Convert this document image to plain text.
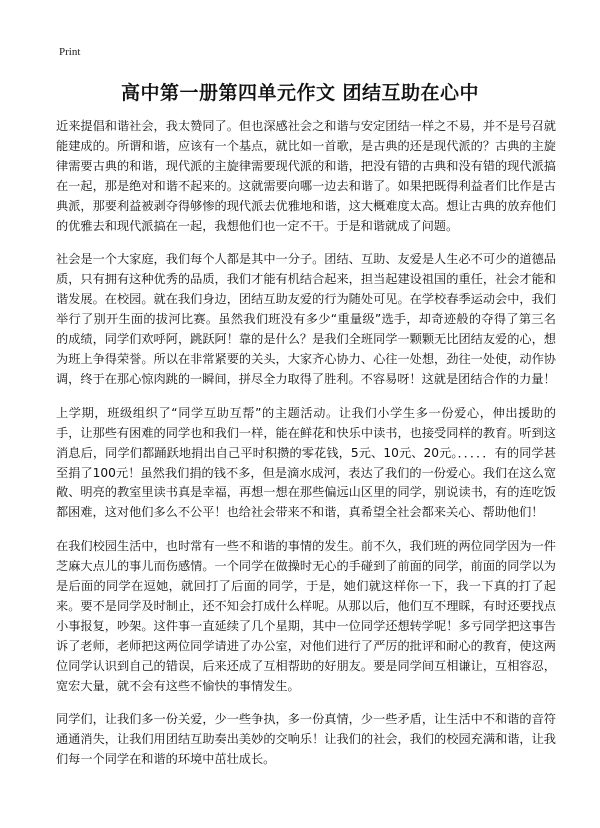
Print
高中第一册第四单元作文 团结互助在心中

近来提倡和谐社会，我太赞同了。但也深感社会之和谐与安定团结一样之不易，并不是号召就能建成的。所谓和谐，应该有一个基点，就比如一首歌，是古典的还是现代派的？古典的主旋律需要古典的和谐，现代派的主旋律需要现代派的和谐，把没有错的古典和没有错的现代派搞在一起，那是绝对和谐不起来的。这就需要向哪一边去和谐了。如果把既得利益者们比作是古典派，那要利益被剥夺得够惨的现代派去优雅地和谐，这大概难度太高。想让古典的放弃他们的优雅去和现代派搞在一起，我想他们也一定不干。于是和谐就成了问题。

社会是一个大家庭，我们每个人都是其中一分子。团结、互助、友爱是人生必不可少的道德品质，只有拥有这种优秀的品质，我们才能有机结合起来，担当起建设祖国的重任，社会才能和谐发展。在校园。就在我们身边，团结互助友爱的行为随处可见。在学校春季运动会中，我们举行了别开生面的拔河比赛。虽然我们班没有多少“重量级”选手，却奇迹般的夺得了第三名的成绩，同学们欢呼阿，跳跃阿！靠的是什么？是我们全班同学一颗颗无比团结友爱的心，想为班上争得荣誉。所以在非常紧要的关头，大家齐心协力、心往一处想，劲往一处使，动作协调，终于在那心惊肉跳的一瞬间，拼尽全力取得了胜利。不容易呀！这就是团结合作的力量！

上学期，班级组织了“同学互助互帮”的主题活动。让我们小学生多一份爱心，伸出援助的手，让那些有困难的同学也和我们一样，能在鲜花和快乐中读书，也接受同样的教育。听到这消息后，同学们都踊跃地捐出自己平时积攒的零花钱，5元、10元、20元。．．．．．有的同学甚至捐了100元！虽然我们捐的钱不多，但是滴水成河，表达了我们的一份爱心。我们在这么宽敞、明亮的教室里读书真是幸福，再想一想在那些偏远山区里的同学，别说读书，有的连吃饭都困难，这对他们多么不公平！也给社会带来不和谐，真希望全社会都来关心、帮助他们！

在我们校园生活中，也时常有一些不和谐的事情的发生。前不久，我们班的两位同学因为一件芝麻大点儿的事儿而伤感情。一个同学在做操时无心的手碰到了前面的同学，前面的同学以为是后面的同学在逗她，就回打了后面的同学，于是，她们就这样你一下，我一下真的打了起来。要不是同学及时制止，还不知会打成什么样呢。从那以后，他们互不理睬，有时还要找点小事报复，吵架。这件事一直延续了几个星期，其中一位同学还想转学呢！多亏同学把这事告诉了老师，老师把这两位同学请进了办公室，对他们进行了严厉的批评和耐心的教育，使这两位同学认识到自己的错误，后来还成了互相帮助的好朋友。要是同学间互相谦让，互相容忍，宽宏大量，就不会有这些不愉快的事情发生。

同学们，让我们多一份关爱，少一些争执，多一份真情，少一些矛盾，让生活中不和谐的音符通通消失，让我们用团结互助奏出美妙的交响乐！让我们的社会，我们的校园充满和谐，让我们每一个同学在和谐的环境中茁壮成长。
